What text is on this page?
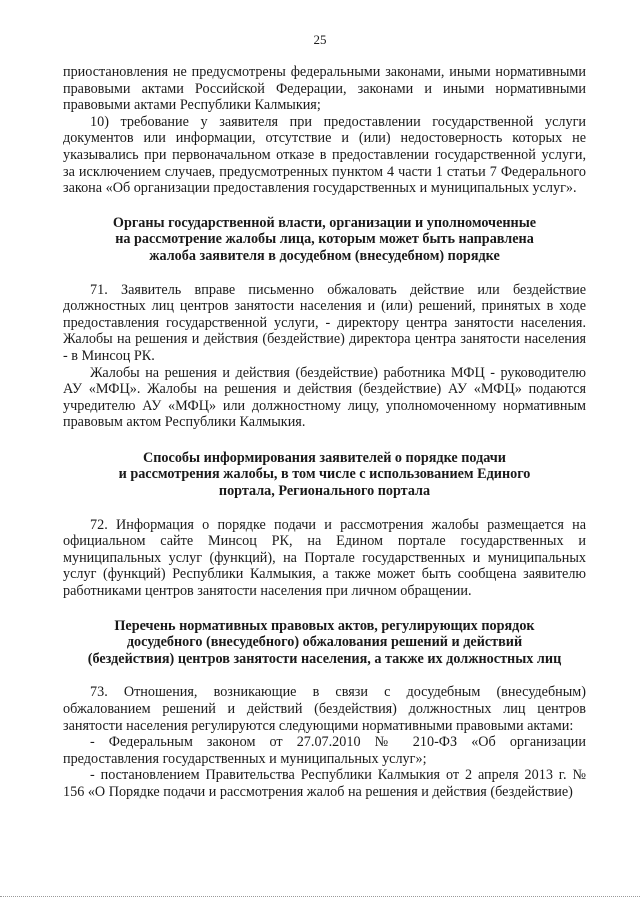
25

приостановления не предусмотрены федеральными законами, иными нормативными правовыми актами Российской Федерации, законами и иными нормативными правовыми актами Республики Калмыкия;

10) требование у заявителя при предоставлении государственной услуги документов или информации, отсутствие и (или) недостоверность которых не указывались при первоначальном отказе в предоставлении государственной услуги, за исключением случаев, предусмотренных пунктом 4 части 1 статьи 7 Федерального закона «Об организации предоставления государственных и муниципальных услуг».

Органы государственной власти, организации и уполномоченные
на рассмотрение жалобы лица, которым может быть направлена
жалоба заявителя в досудебном (внесудебном) порядке

71. Заявитель вправе письменно обжаловать действие или бездействие должностных лиц центров занятости населения и (или) решений, принятых в ходе предоставления государственной услуги, - директору центра занятости населения. Жалобы на решения и действия (бездействие) директора центра занятости населения - в Минсоц РК.

Жалобы на решения и действия (бездействие) работника МФЦ - руководителю АУ «МФЦ». Жалобы на решения и действия (бездействие) АУ «МФЦ» подаются учредителю АУ «МФЦ» или должностному лицу, уполномоченному нормативным правовым актом Республики Калмыкия.

Способы информирования заявителей о порядке подачи
и рассмотрения жалобы, в том числе с использованием Единого
портала, Регионального портала

72. Информация о порядке подачи и рассмотрения жалобы размещается на официальном сайте Минсоц РК, на Едином портале государственных и муниципальных услуг (функций), на Портале государственных и муниципальных услуг (функций) Республики Калмыкия, а также может быть сообщена заявителю работниками центров занятости населения при личном обращении.

Перечень нормативных правовых актов, регулирующих порядок
досудебного (внесудебного) обжалования решений и действий
(бездействия) центров занятости населения, а также их должностных лиц

73. Отношения, возникающие в связи с досудебным (внесудебным) обжалованием решений и действий (бездействия) должностных лиц центров занятости населения регулируются следующими нормативными правовыми актами:

- Федеральным законом от 27.07.2010 № 210-ФЗ «Об организации предоставления государственных и муниципальных услуг»;

- постановлением Правительства Республики Калмыкия от 2 апреля 2013 г. № 156 «О Порядке подачи и рассмотрения жалоб на решения и действия (бездействие)
